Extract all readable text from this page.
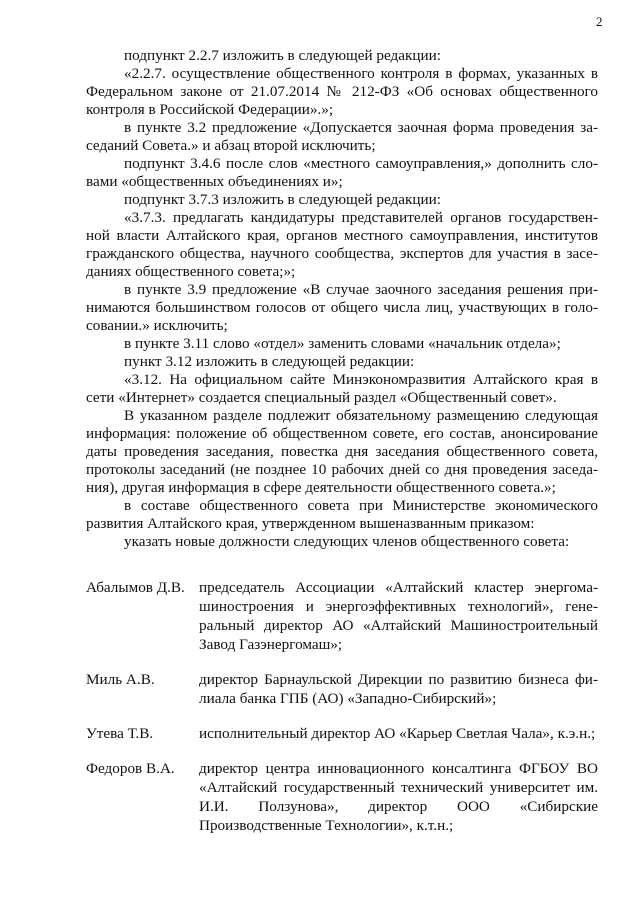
2

подпункт 2.2.7 изложить в следующей редакции:

«2.2.7. осуществление общественного контроля в формах, указанных в Федеральном законе от 21.07.2014 № 212-ФЗ «Об основах общественного контроля в Российской Федерации».»;

в пункте 3.2 предложение «Допускается заочная форма проведения заседаний Совета.» и абзац второй исключить;

подпункт 3.4.6 после слов «местного самоуправления,» дополнить словами «общественных объединениях и»;

подпункт 3.7.3 изложить в следующей редакции:

«3.7.3. предлагать кандидатуры представителей органов государственной власти Алтайского края, органов местного самоуправления, институтов гражданского общества, научного сообщества, экспертов для участия в заседаниях общественного совета;»;

в пункте 3.9 предложение «В случае заочного заседания решения принимаются большинством голосов от общего числа лиц, участвующих в голосовании.» исключить;

в пункте 3.11 слово «отдел» заменить словами «начальник отдела»;

пункт 3.12 изложить в следующей редакции:

«3.12. На официальном сайте Минэкономразвития Алтайского края в сети «Интернет» создается специальный раздел «Общественный совет».

В указанном разделе подлежит обязательному размещению следующая информация: положение об общественном совете, его состав, анонсирование даты проведения заседания, повестка дня заседания общественного совета, протоколы заседаний (не позднее 10 рабочих дней со дня проведения заседания), другая информация в сфере деятельности общественного совета.»;

в составе общественного совета при Министерстве экономического развития Алтайского края, утвержденном вышеназванным приказом:

указать новые должности следующих членов общественного совета:

Абалымов Д.В. председатель Ассоциации «Алтайский кластер энергомашиностроения и энергоэффективных технологий», генеральный директор АО «Алтайский Машиностроительный Завод Газэнергомаш»;
Миль А.В.	директор Барнаульской Дирекции по развитию бизнеса филиала банка ГПБ (АО) «Западно-Сибирский»;
Утева Т.В.	исполнительный директор АО «Карьер Светлая Чала», к.э.н.;
Федоров В.А.	директор центра инновационного консалтинга ФГБОУ ВО «Алтайский государственный технический университет им. И.И. Ползунова», директор ООО «Сибирские Производственные Технологии», к.т.н.;
